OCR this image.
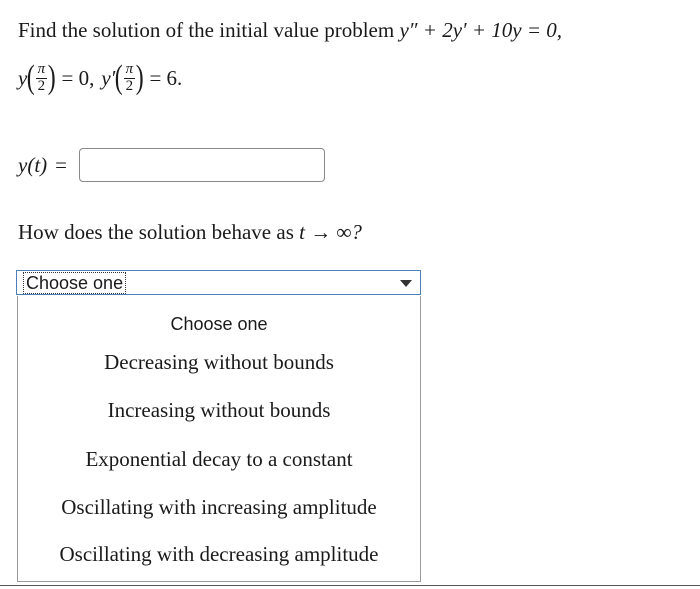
Find the solution of the initial value problem y″ + 2y′ + 10y = 0,
y ( $\frac{\pi}{2}$ ) = 0, y′ ( $\frac{\pi}{2}$ ) = 6.
y(t) =
How does the solution behave as t → ∞?
Choose one
Choose one
Decreasing without bounds
Increasing without bounds
Exponential decay to a constant
Oscillating with increasing amplitude
Oscillating with decreasing amplitude
